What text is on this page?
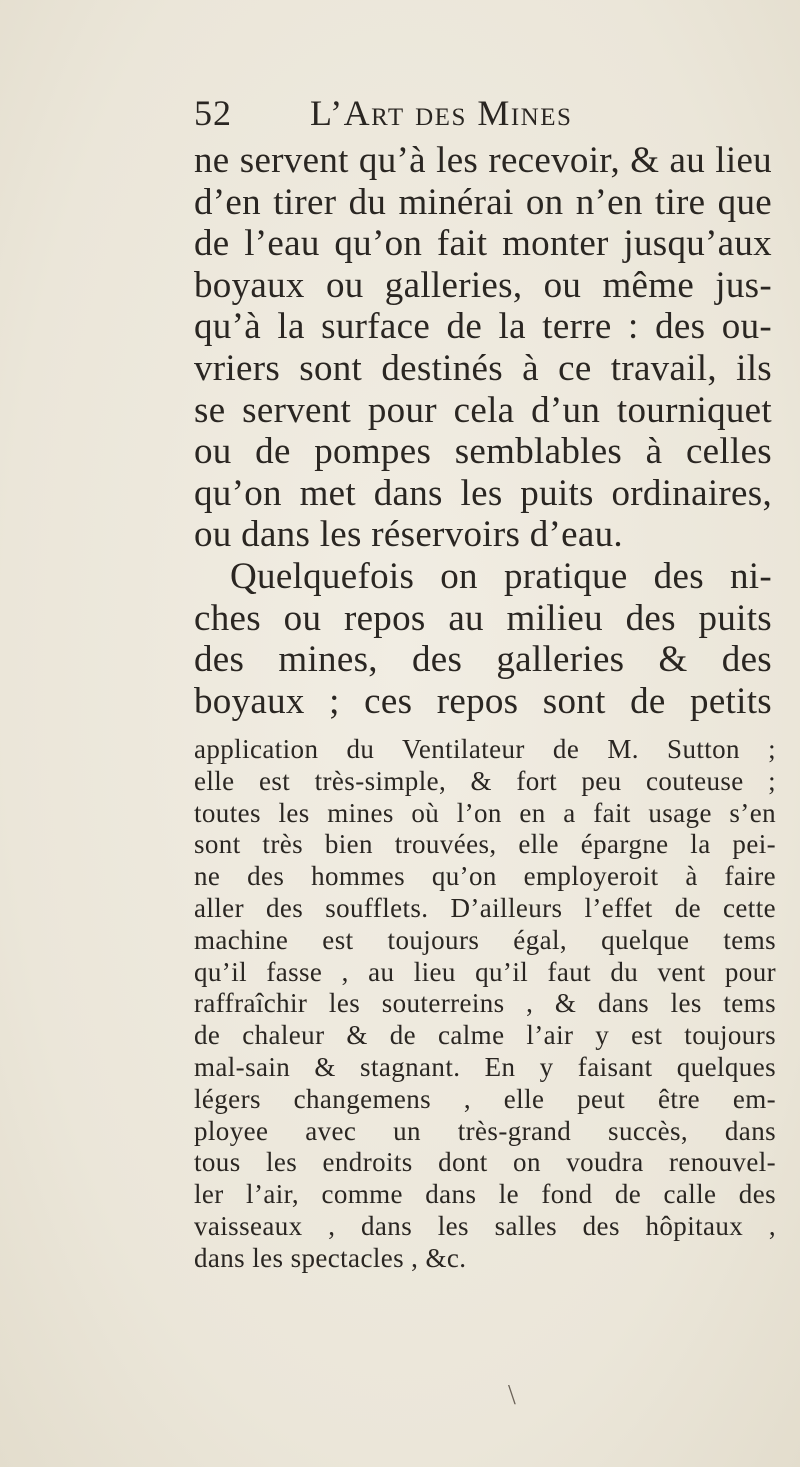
52 L’Art des Mines
ne servent qu’à les recevoir, & au lieu
d’en tirer du minérai on n’en tire que
de l’eau qu’on fait monter jusqu’aux
boyaux ou galleries, ou même jus-
qu’à la surface de la terre : des ou-
vriers sont destinés à ce travail, ils
se servent pour cela d’un tourniquet
ou de pompes semblables à celles
qu’on met dans les puits ordinaires,
ou dans les réservoirs d’eau.
Quelquefois on pratique des ni-
ches ou repos au milieu des puits
des mines, des galleries & des
boyaux ; ces repos sont de petits
application du Ventilateur de M. Sutton ;
elle est très-simple, & fort peu couteuse ;
toutes les mines où l’on en a fait usage s’en
sont très bien trouvées, elle épargne la pei-
ne des hommes qu’on employeroit à faire
aller des soufflets. D’ailleurs l’effet de cette
machine est toujours égal, quelque tems
qu’il fasse , au lieu qu’il faut du vent pour
raffraîchir les souterreins , & dans les tems
de chaleur & de calme l’air y est toujours
mal-sain & stagnant. En y faisant quelques
légers changemens , elle peut être em-
ployee avec un très-grand succès, dans
tous les endroits dont on voudra renouvel-
ler l’air, comme dans le fond de calle des
vaisseaux , dans les salles des hôpitaux ,
dans les spectacles , &c.
\
